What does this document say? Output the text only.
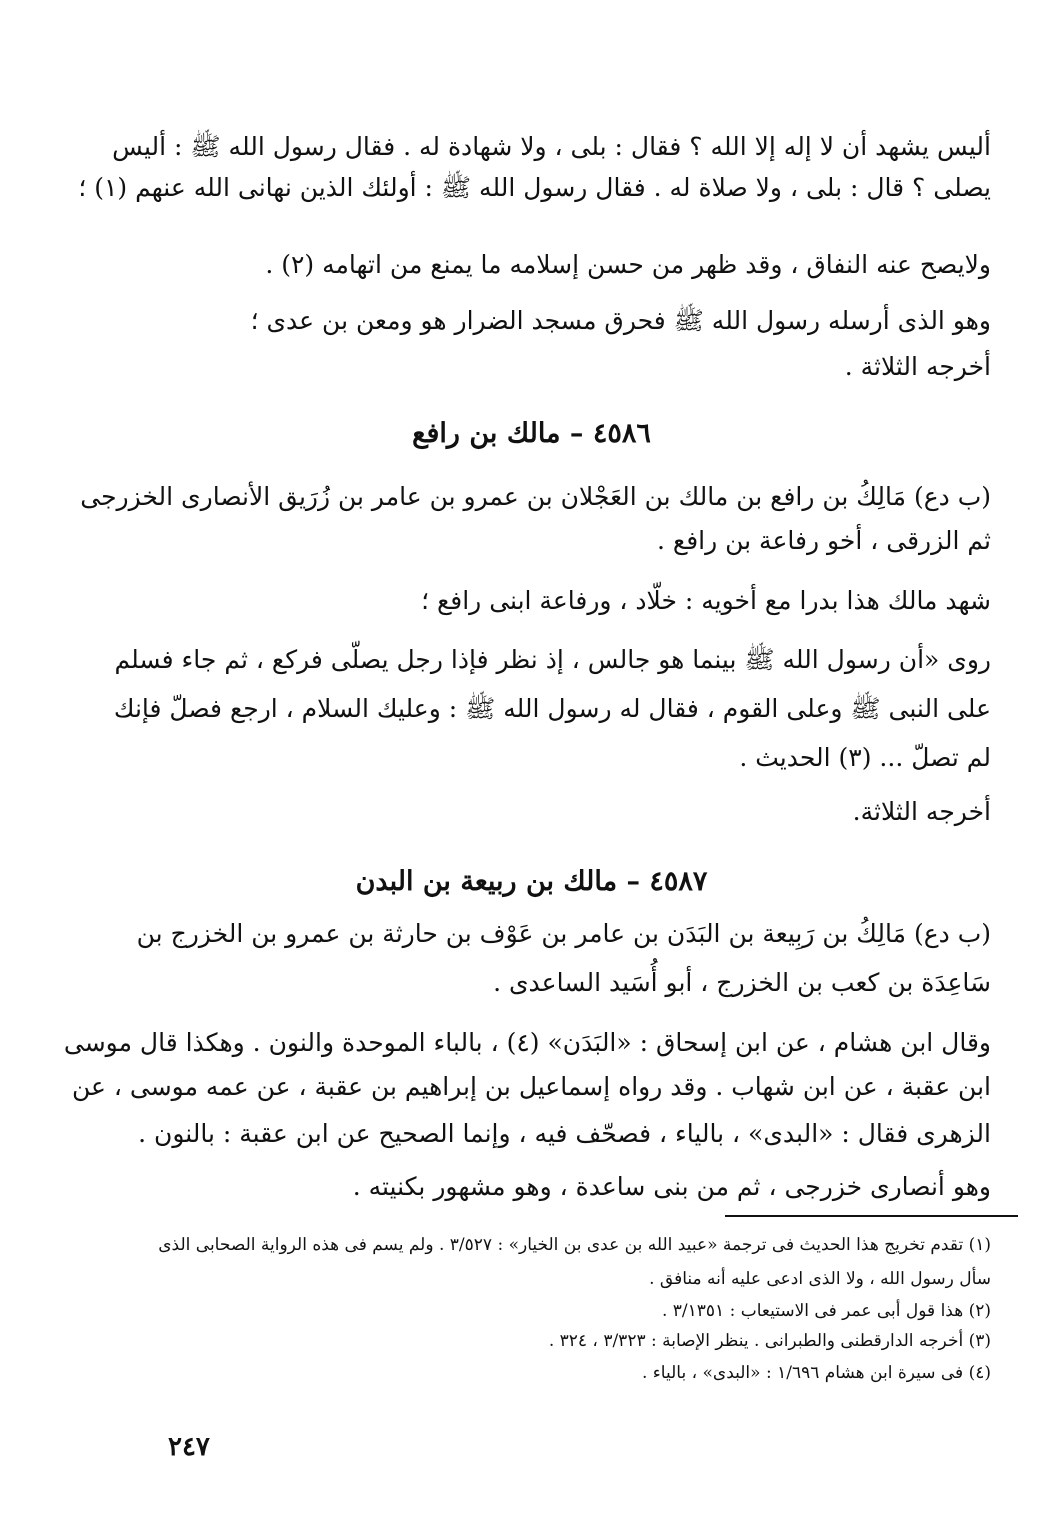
أليس يشهد أن لا إله إلا الله ؟ فقال : بلى ، ولا شهادة له . فقال رسول الله ﷺ : أليس
يصلى ؟ قال : بلى ، ولا صلاة له . فقال رسول الله ﷺ : أولئك الذين نهانى الله عنهم (١) ؛
ولايصح عنه النفاق ، وقد ظهر من حسن إسلامه ما يمنع من اتهامه (٢) .
وهو الذى أرسله رسول الله ﷺ فحرق مسجد الضرار هو ومعن بن عدى ؛
أخرجه الثلاثة .
٤٥٨٦ – مالك بن رافع
(ب دع) مَالِكُ بن رافع بن مالك بن العَجْلان بن عمرو بن عامر بن زُرَيق الأنصارى الخزرجى
ثم الزرقى ، أخو رفاعة بن رافع .
شهد مالك هذا بدرا مع أخويه : خلّاد ، ورفاعة ابنى رافع ؛
روى «أن رسول الله ﷺ بينما هو جالس ، إذ نظر فإذا رجل يصلّى فركع ، ثم جاء فسلم
على النبى ﷺ وعلى القوم ، فقال له رسول الله ﷺ : وعليك السلام ، ارجع فصلّ فإنك
لم تصلّ ... (٣) الحديث .
أخرجه الثلاثة.
٤٥٨٧ – مالك بن ربيعة بن البدن
(ب دع) مَالِكُ بن رَبِيعة بن البَدَن بن عامر بن عَوْف بن حارثة بن عمرو بن الخزرج بن
سَاعِدَة بن كعب بن الخزرج ، أبو أُسَيد الساعدى .
وقال ابن هشام ، عن ابن إسحاق : «البَدَن» (٤) ، بالباء الموحدة والنون . وهكذا قال موسى
ابن عقبة ، عن ابن شهاب . وقد رواه إسماعيل بن إبراهيم بن عقبة ، عن عمه موسى ، عن
الزهرى فقال : «البدى» ، بالياء ، فصحّف فيه ، وإنما الصحيح عن ابن عقبة : بالنون .
وهو أنصارى خزرجى ، ثم من بنى ساعدة ، وهو مشهور بكنيته .
(١) تقدم تخريج هذا الحديث فى ترجمة «عبيد الله بن عدى بن الخيار» : ٣/٥٢٧ . ولم يسم فى هذه الرواية الصحابى الذى
سأل رسول الله ، ولا الذى ادعى عليه أنه منافق .
(٢) هذا قول أبى عمر فى الاستيعاب : ٣/١٣٥١ .
(٣) أخرجه الدارقطنى والطبرانى . ينظر الإصابة : ٣/٣٢٣ ، ٣٢٤ .
(٤) فى سيرة ابن هشام ١/٦٩٦ : «البدى» ، بالياء .
٢٤٧
